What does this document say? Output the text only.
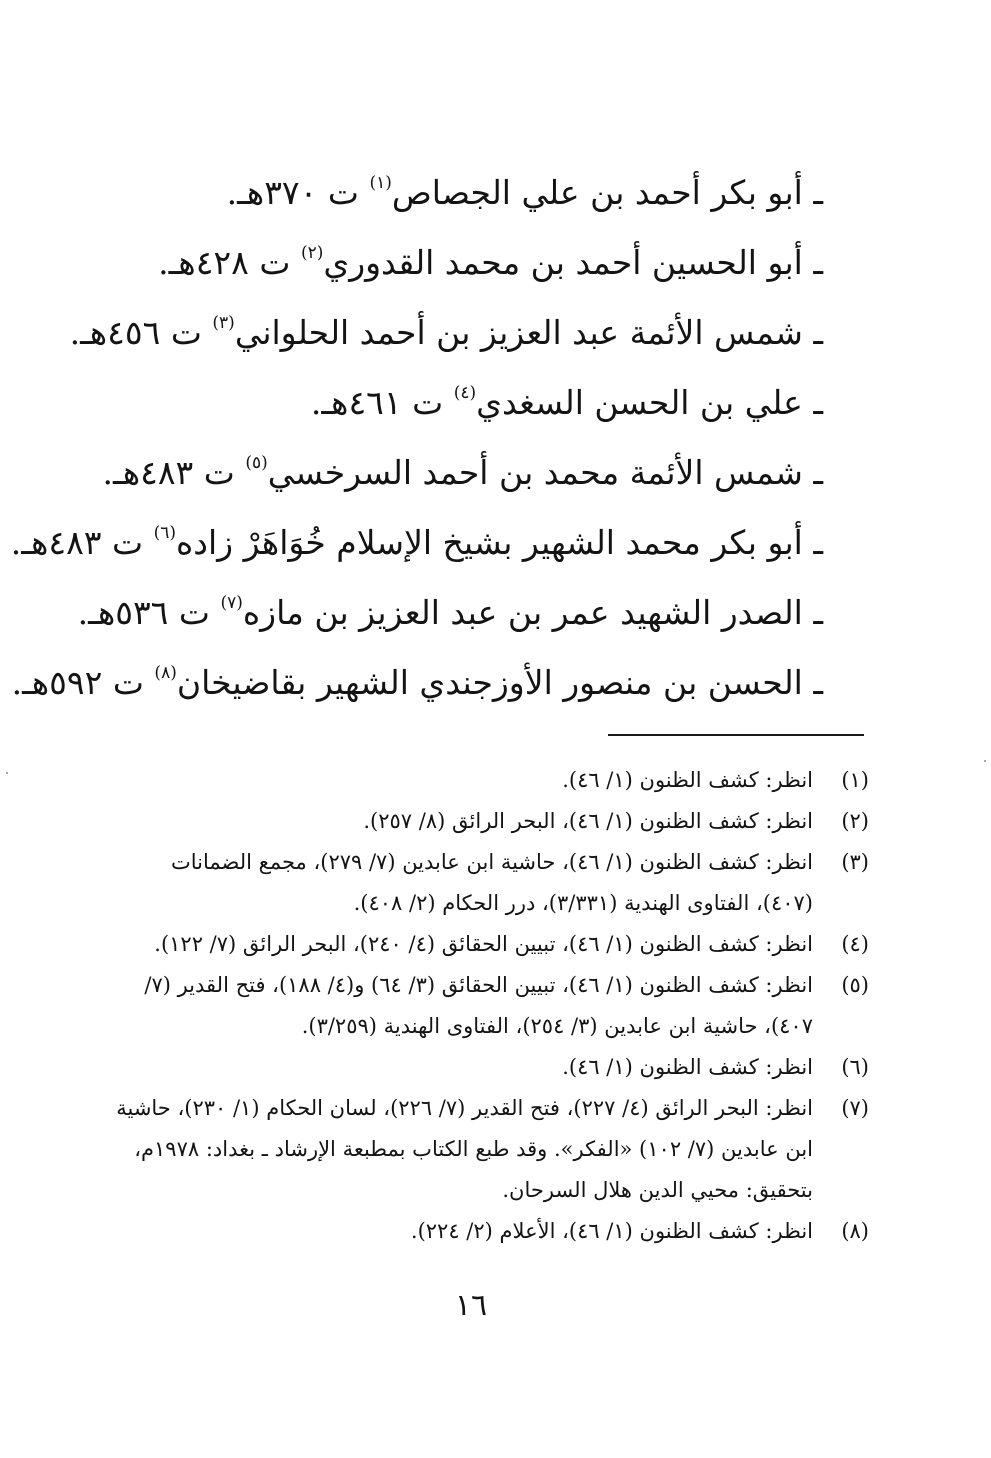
ـ أبو بكر أحمد بن علي الجصاص$^{(١)}$ ت ٣٧٠هـ.
ـ أبو الحسين أحمد بن محمد القدوري$^{(٢)}$ ت ٤٢٨هـ.
ـ شمس الأئمة عبد العزيز بن أحمد الحلواني$^{(٣)}$ ت ٤٥٦هـ.
ـ علي بن الحسن السغدي$^{(٤)}$ ت ٤٦١هـ.
ـ شمس الأئمة محمد بن أحمد السرخسي$^{(٥)}$ ت ٤٨٣هـ.
ـ أبو بكر محمد الشهير بشيخ الإسلام خُوَاهَرْ زاده$^{(٦)}$ ت ٤٨٣هـ.
ـ الصدر الشهيد عمر بن عبد العزيز بن مازه$^{(٧)}$ ت ٥٣٦هـ.
ـ الحسن بن منصور الأوزجندي الشهير بقاضيخان$^{(٨)}$ ت ٥٩٢هـ.
(١)
انظر: كشف الظنون (١/ ٤٦).
(٢)
انظر: كشف الظنون (١/ ٤٦)، البحر الرائق (٨/ ٢٥٧).
(٣)
انظر: كشف الظنون (١/ ٤٦)، حاشية ابن عابدين (٧/ ٢٧٩)، مجمع الضمانات (٤٠٧)، الفتاوى الهندية (٣/٣٣١)، درر الحكام (٢/ ٤٠٨).
(٤)
انظر: كشف الظنون (١/ ٤٦)، تبيين الحقائق (٤/ ٢٤٠)، البحر الرائق (٧/ ١٢٢).
(٥)
انظر: كشف الظنون (١/ ٤٦)، تبيين الحقائق (٣/ ٦٤) و(٤/ ١٨٨)، فتح القدير (٧/ ٤٠٧)، حاشية ابن عابدين (٣/ ٢٥٤)، الفتاوى الهندية (٣/٢٥٩).
(٦)
انظر: كشف الظنون (١/ ٤٦).
(٧)
انظر: البحر الرائق (٤/ ٢٢٧)، فتح القدير (٧/ ٢٢٦)، لسان الحكام (١/ ٢٣٠)، حاشية ابن عابدين (٧/ ١٠٢) «الفكر». وقد طبع الكتاب بمطبعة الإرشاد ـ بغداد: ١٩٧٨م، بتحقيق: محيي الدين هلال السرحان.
(٨)
انظر: كشف الظنون (١/ ٤٦)، الأعلام (٢/ ٢٢٤).
١٦
